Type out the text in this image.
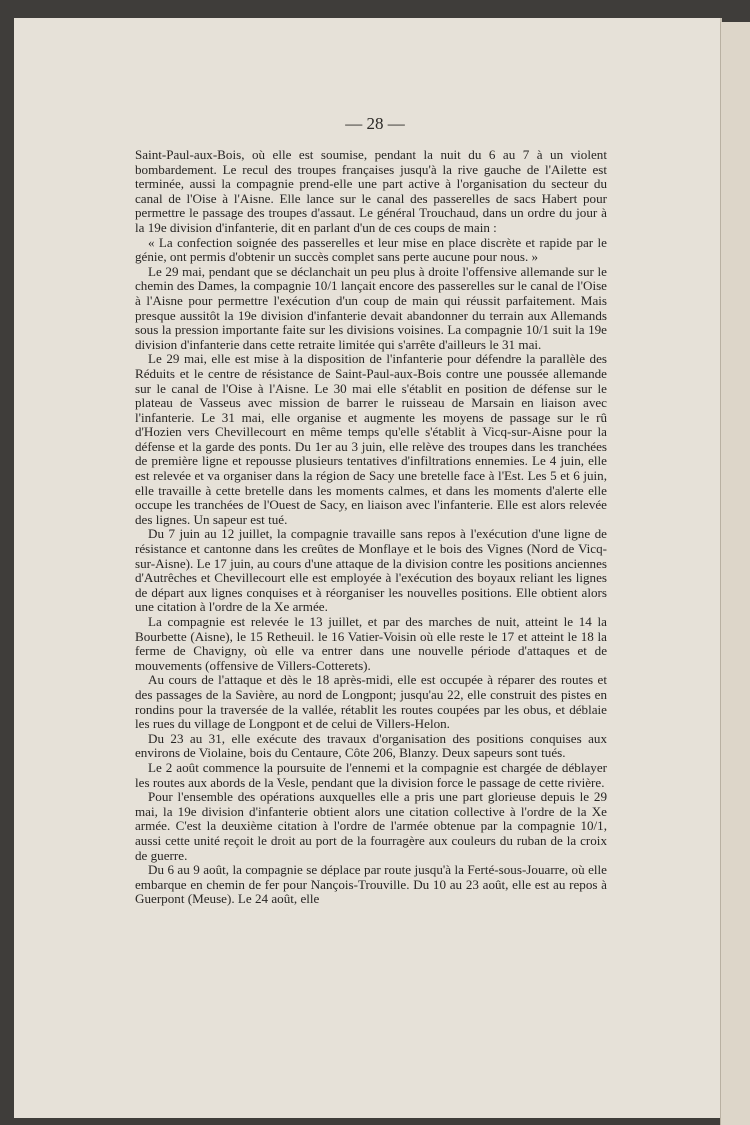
— 28 —

Saint-Paul-aux-Bois, où elle est soumise, pendant la nuit du 6 au 7 à un violent bombardement. Le recul des troupes françaises jusqu'à la rive gauche de l'Ailette est terminée, aussi la compagnie prend-elle une part active à l'organisation du secteur du canal de l'Oise à l'Aisne. Elle lance sur le canal des passerelles de sacs Habert pour permettre le passage des troupes d'assaut. Le général Trouchaud, dans un ordre du jour à la 19e division d'infanterie, dit en parlant d'un de ces coups de main :

« La confection soignée des passerelles et leur mise en place discrète et rapide par le génie, ont permis d'obtenir un succès complet sans perte aucune pour nous. »

Le 29 mai, pendant que se déclanchait un peu plus à droite l'offensive allemande sur le chemin des Dames, la compagnie 10/1 lançait encore des passerelles sur le canal de l'Oise à l'Aisne pour permettre l'exécution d'un coup de main qui réussit parfaitement. Mais presque aussitôt la 19e division d'infanterie devait abandonner du terrain aux Allemands sous la pression importante faite sur les divisions voisines. La compagnie 10/1 suit la 19e division d'infanterie dans cette retraite limitée qui s'arrête d'ailleurs le 31 mai.

Le 29 mai, elle est mise à la disposition de l'infanterie pour défendre la parallèle des Réduits et le centre de résistance de Saint-Paul-aux-Bois contre une poussée allemande sur le canal de l'Oise à l'Aisne. Le 30 mai elle s'établit en position de défense sur le plateau de Vasseus avec mission de barrer le ruisseau de Marsain en liaison avec l'infanterie. Le 31 mai, elle organise et augmente les moyens de passage sur le rû d'Hozien vers Chevillecourt en même temps qu'elle s'établit à Vicq-sur-Aisne pour la défense et la garde des ponts. Du 1er au 3 juin, elle relève des troupes dans les tranchées de première ligne et repousse plusieurs tentatives d'infiltrations ennemies. Le 4 juin, elle est relevée et va organiser dans la région de Sacy une bretelle face à l'Est. Les 5 et 6 juin, elle travaille à cette bretelle dans les moments calmes, et dans les moments d'alerte elle occupe les tranchées de l'Ouest de Sacy, en liaison avec l'infanterie. Elle est alors relevée des lignes. Un sapeur est tué.

Du 7 juin au 12 juillet, la compagnie travaille sans repos à l'exécution d'une ligne de résistance et cantonne dans les creûtes de Monflaye et le bois des Vignes (Nord de Vicq-sur-Aisne). Le 17 juin, au cours d'une attaque de la division contre les positions anciennes d'Autrêches et Chevillecourt elle est employée à l'exécution des boyaux reliant les lignes de départ aux lignes conquises et à réorganiser les nouvelles positions. Elle obtient alors une citation à l'ordre de la Xe armée.

La compagnie est relevée le 13 juillet, et par des marches de nuit, atteint le 14 la Bourbette (Aisne), le 15 Retheuil. le 16 Vatier-Voisin où elle reste le 17 et atteint le 18 la ferme de Chavigny, où elle va entrer dans une nouvelle période d'attaques et de mouvements (offensive de Villers-Cotterets).

Au cours de l'attaque et dès le 18 après-midi, elle est occupée à réparer des routes et des passages de la Savière, au nord de Longpont; jusqu'au 22, elle construit des pistes en rondins pour la traversée de la vallée, rétablit les routes coupées par les obus, et déblaie les rues du village de Longpont et de celui de Villers-Helon.

Du 23 au 31, elle exécute des travaux d'organisation des positions conquises aux environs de Violaine, bois du Centaure, Côte 206, Blanzy. Deux sapeurs sont tués.

Le 2 août commence la poursuite de l'ennemi et la compagnie est chargée de déblayer les routes aux abords de la Vesle, pendant que la division force le passage de cette rivière.

Pour l'ensemble des opérations auxquelles elle a pris une part glorieuse depuis le 29 mai, la 19e division d'infanterie obtient alors une citation collective à l'ordre de la Xe armée. C'est la deuxième citation à l'ordre de l'armée obtenue par la compagnie 10/1, aussi cette unité reçoit le droit au port de la fourragère aux couleurs du ruban de la croix de guerre.

Du 6 au 9 août, la compagnie se déplace par route jusqu'à la Ferté-sous-Jouarre, où elle embarque en chemin de fer pour Nançois-Trouville. Du 10 au 23 août, elle est au repos à Guerpont (Meuse). Le 24 août, elle
